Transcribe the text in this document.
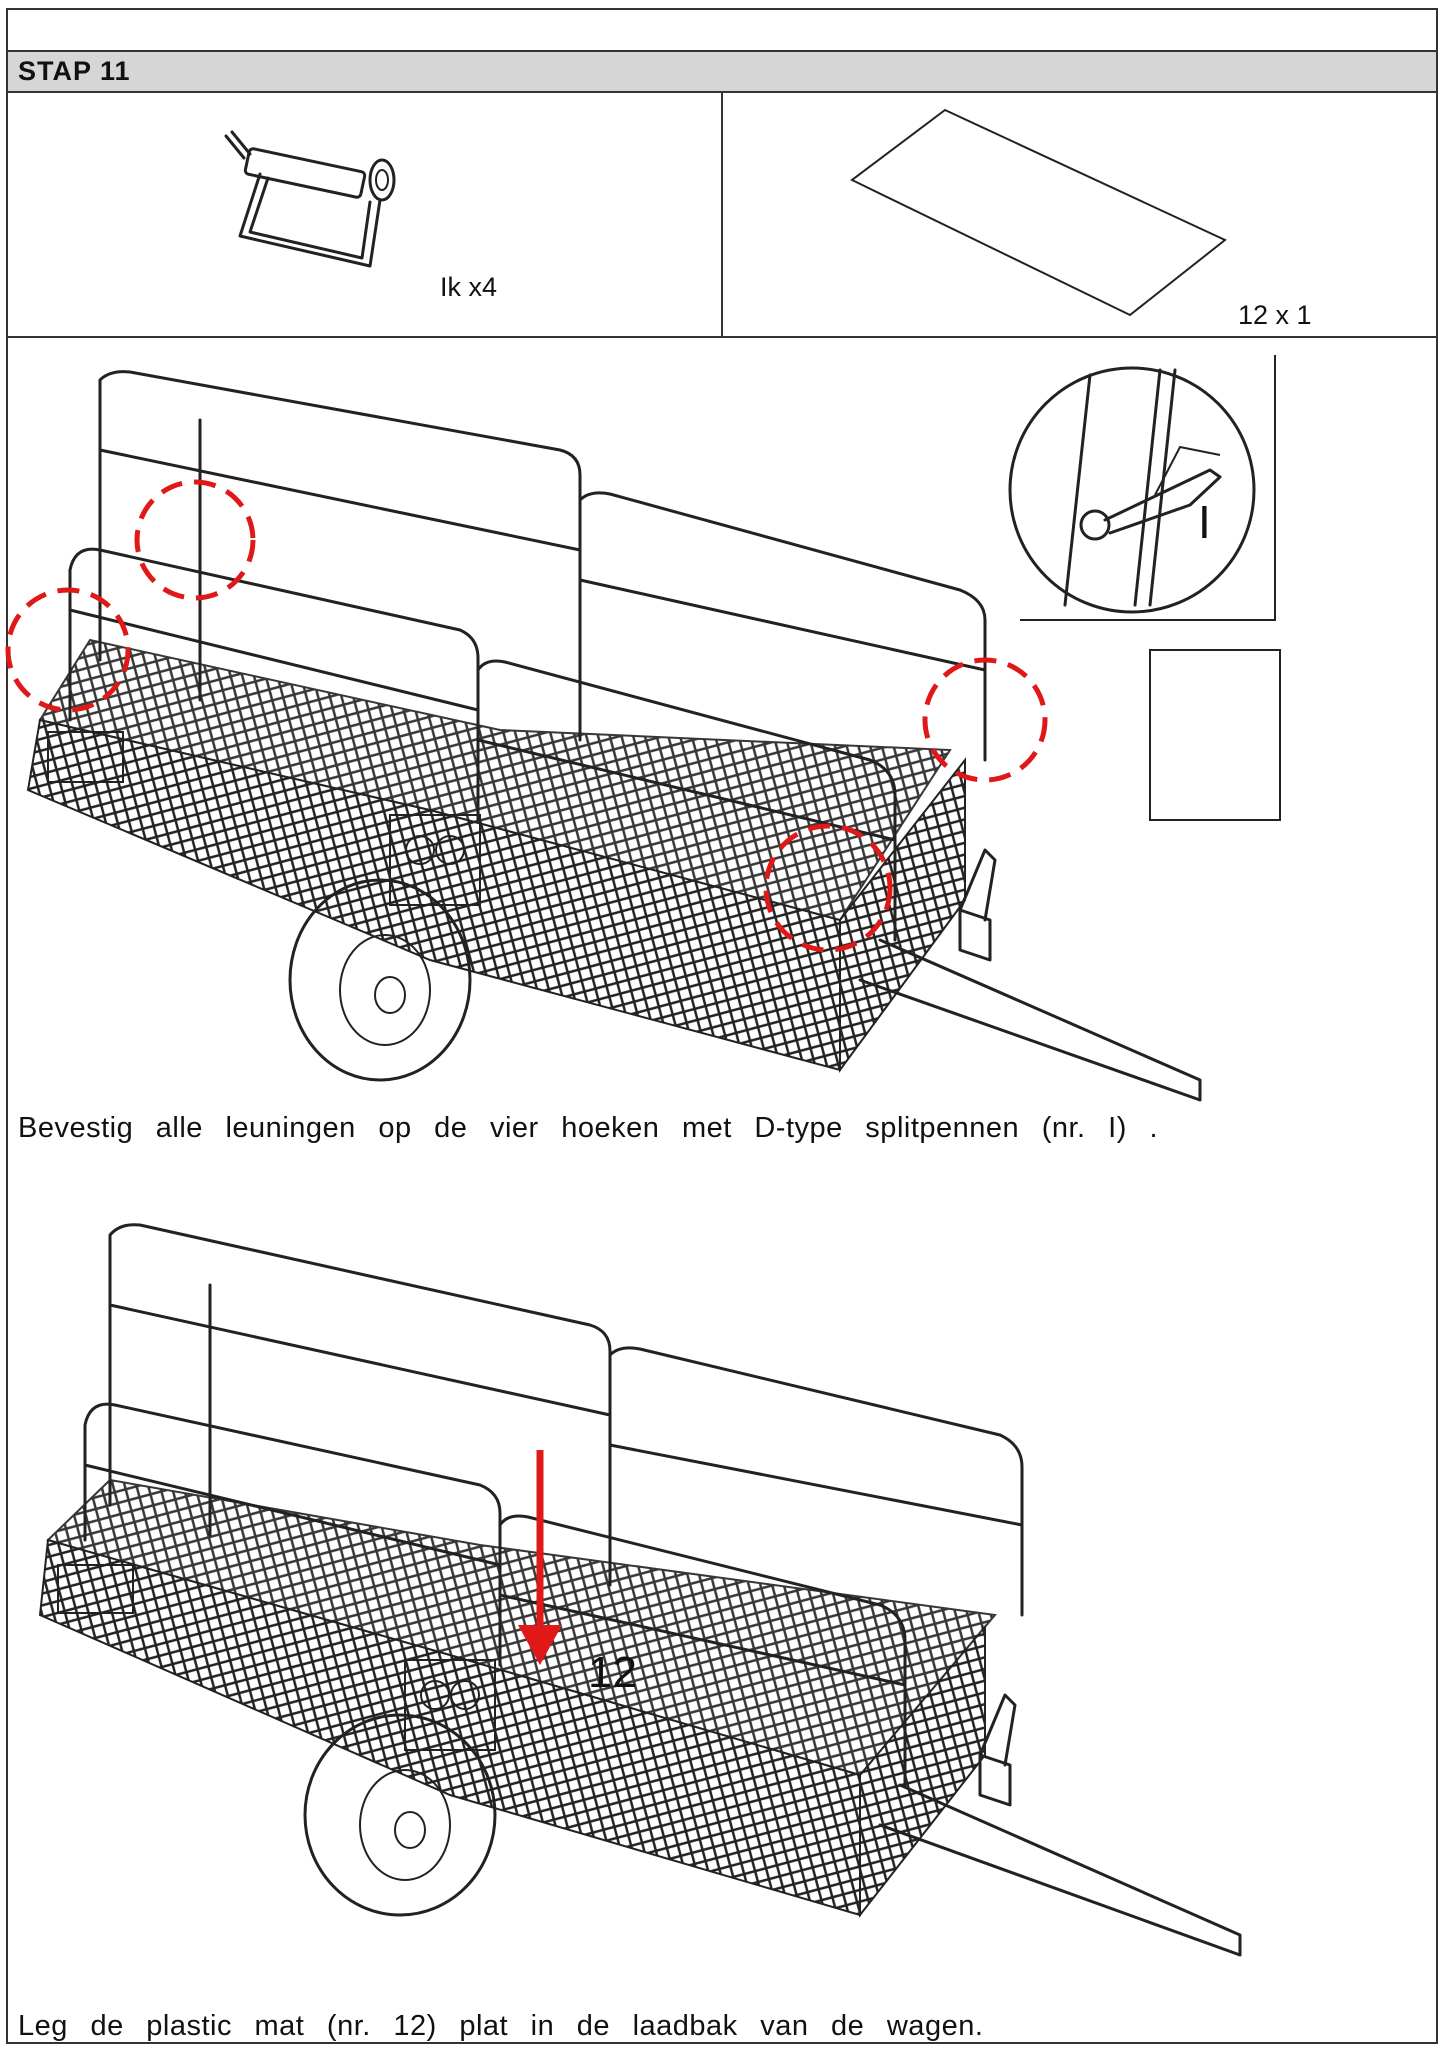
STAP 11
Ik x4
12 x 1
I
Bevestig alle leuningen op de vier hoeken met D-type splitpennen (nr. I) .
12
Leg de plastic mat (nr. 12) plat in de laadbak van de wagen.
